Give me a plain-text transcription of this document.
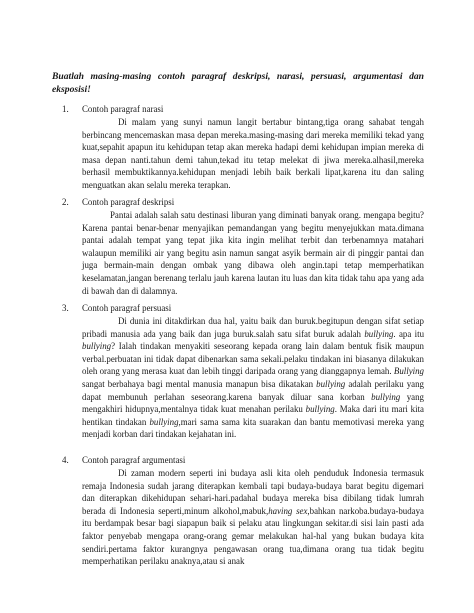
Buatlah masing-masing contoh paragraf deskripsi, narasi, persuasi, argumentasi dan eksposisi!
1. Contoh paragraf narasi
Di malam yang sunyi namun langit bertabur bintang,tiga orang sahabat tengah berbincang mencemaskan masa depan mereka.masing-masing dari mereka memiliki tekad yang kuat,sepahit apapun itu kehidupan tetap akan mereka hadapi demi kehidupan impian mereka di masa depan nanti.tahun demi tahun,tekad itu tetap melekat di jiwa mereka.alhasil,mereka berhasil membuktikannya.kehidupan menjadi lebih baik berkali lipat,karena itu dan saling menguatkan akan selalu mereka terapkan.
2. Contoh paragraf deskripsi
Pantai adalah salah satu destinasi liburan yang diminati banyak orang. mengapa begitu? Karena pantai benar-benar menyajikan pemandangan yang begitu menyejukkan mata.dimana pantai adalah tempat yang tepat jika kita ingin melihat terbit dan terbenamnya matahari walaupun memiliki air yang begitu asin namun sangat asyik bermain air di pinggir pantai dan juga bermain-main dengan ombak yang dibawa oleh angin.tapi tetap memperhatikan keselamatan,jangan berenang terlalu jauh karena lautan itu luas dan kita tidak tahu apa yang ada di bawah dan di dalamnya.
3. Contoh paragraf persuasi
Di dunia ini ditakdirkan dua hal, yaitu baik dan buruk.begitupun dengan sifat setiap pribadi manusia ada yang baik dan juga buruk.salah satu sifat buruk adalah bullying. apa itu bullying? Ialah tindakan menyakiti seseorang kepada orang lain dalam bentuk fisik maupun verbal.perbuatan ini tidak dapat dibenarkan sama sekali.pelaku tindakan ini biasanya dilakukan oleh orang yang merasa kuat dan lebih tinggi daripada orang yang dianggapnya lemah. Bullying sangat berbahaya bagi mental manusia manapun bisa dikatakan bullying adalah perilaku yang dapat membunuh perlahan seseorang.karena banyak diluar sana korban bullying yang mengakhiri hidupnya,mentalnya tidak kuat menahan perilaku bullying. Maka dari itu mari kita hentikan tindakan bullying,mari sama sama kita suarakan dan bantu memotivasi mereka yang menjadi korban dari tindakan kejahatan ini.
4. Contoh paragraf argumentasi
Di zaman modern seperti ini budaya asli kita oleh penduduk Indonesia termasuk remaja Indonesia sudah jarang diterapkan kembali tapi budaya-budaya barat begitu digemari dan diterapkan dikehidupan sehari-hari.padahal budaya mereka bisa dibilang tidak lumrah berada di Indonesia seperti,minum alkohol,mabuk,having sex,bahkan narkoba.budaya-budaya itu berdampak besar bagi siapapun baik si pelaku atau lingkungan sekitar.di sisi lain pasti ada faktor penyebab mengapa orang-orang gemar melakukan hal-hal yang bukan budaya kita sendiri.pertama faktor kurangnya pengawasan orang tua,dimana orang tua tidak begitu memperhatikan perilaku anaknya,atau si anak
